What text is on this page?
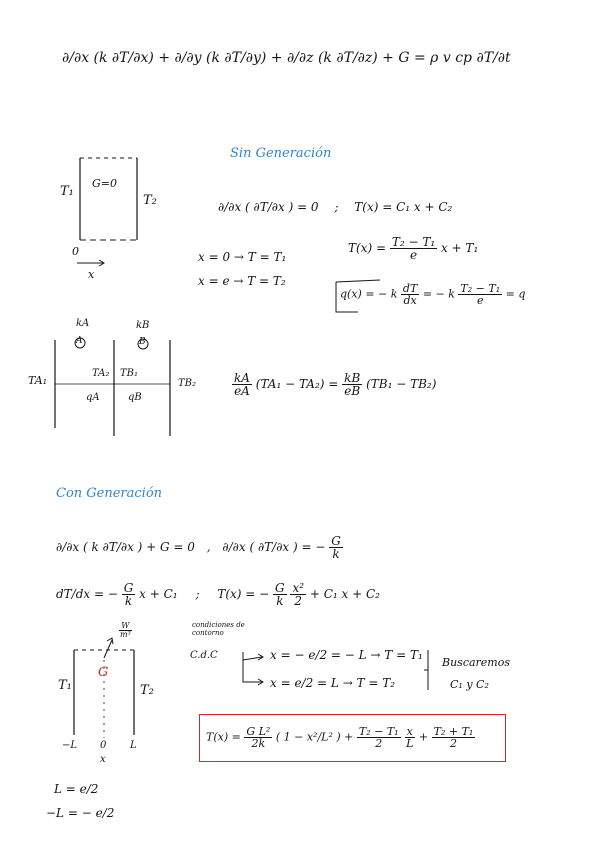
∂/∂x (k ∂T/∂x) + ∂/∂y (k ∂T/∂y) + ∂/∂z (k ∂T/∂z) + G = ρ v cp ∂T/∂t
Sin Generación
T₁
G=0
T₂
0
x
∂/∂x ( ∂T/∂x ) = 0 ; T(x) = C₁ x + C₂
x = 0 → T = T₁
x = e → T = T₂
$T(x) = \frac{\text{T₂ − T₁}}{e}$ x + T₁
q(x) = − k $\frac{dT}{dx}$ = − k $\frac{\text{T₂ − T₁}}{e} = q$
kA	kB
A	B
TA₁
TA₂ TB₁
TB₂
qA	qB
$\frac{kA}{eA} (TA_1 - TA_2) = \frac{kB}{eB} (TB_1 - TB_2)$
Con Generación
∂/∂x ( k ∂T/∂x ) + G = 0 , ∂/∂x ( ∂T/∂x ) = − $\frac{G}{k}$
dT/dx = − $\frac{G}{k}$ x + C₁ ; T(x) = − $\frac{G}{k}$
$\frac{\text{x²}}{2} + C_1$ x + C₂
$\frac{W}{\text{m³}}$
G
T₁	T₂
−L 0 L
x
condiciones de contorno
C.d.C	x = − e/2 = − L → T = T₁
x = e/2 = L → T = T₂
Buscaremos
C₁ y C₂
$T(x) = \frac{\text{G L²}}{2k}$ ( 1 − x²/L² ) + $\frac{\text{T₂ − T₁}}{2}$
$\frac{x}{L} + \frac{\text{T₂ + T₁}}{2}$
L = e/2
−L = − e/2
